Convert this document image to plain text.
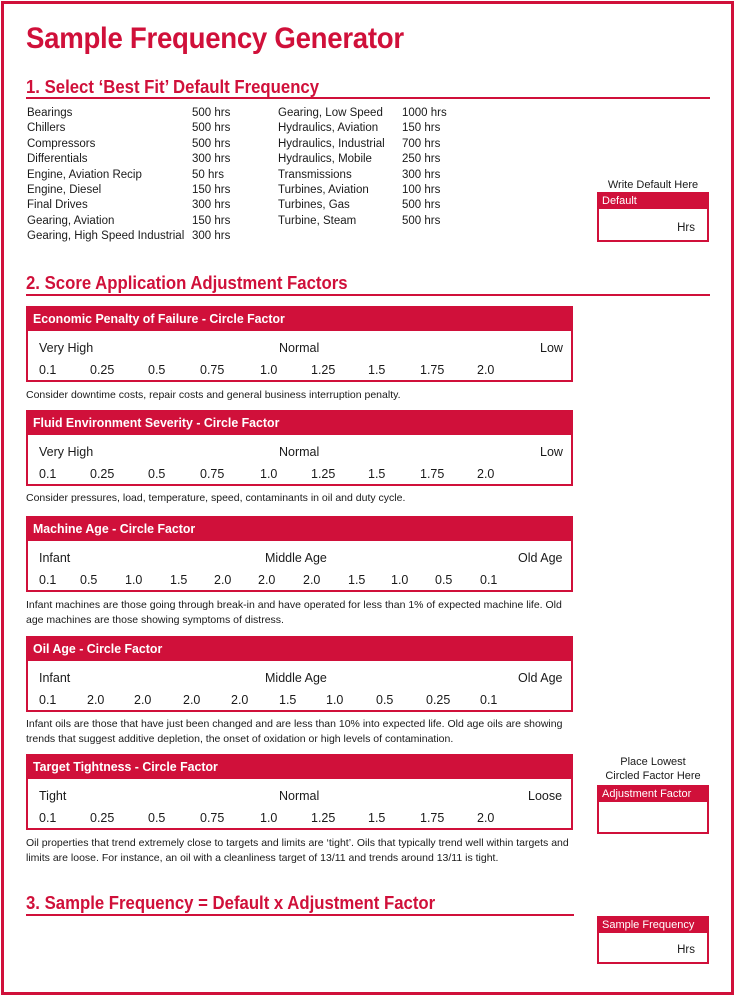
Sample Frequency Generator
1. Select ‘Best Fit’ Default Frequency
Bearings	500 hrs
Chillers	500 hrs
Compressors	500 hrs
Differentials	300 hrs
Engine, Aviation Recip	50 hrs
Engine, Diesel	150 hrs
Final Drives	300 hrs
Gearing, Aviation	150 hrs
Gearing, High Speed Industrial 300 hrs
Gearing, Low Speed	1000 hrs
Hydraulics, Aviation	150 hrs
Hydraulics, Industrial	700 hrs
Hydraulics, Mobile	250 hrs
Transmissions	300 hrs
Turbines, Aviation	100 hrs
Turbines, Gas	500 hrs
Turbine, Steam	500 hrs
Write Default Here
Default
Hrs
2. Score Application Adjustment Factors
Economic Penalty of Failure - Circle Factor
Very High	Normal	Low
0.1	0.25	0.5	0.75	1.0	1.25	1.5	1.75	2.0
Consider downtime costs, repair costs and general business interruption penalty.
Fluid Environment Severity - Circle Factor
Very High	Normal	Low
0.1	0.25	0.5	0.75	1.0	1.25	1.5	1.75	2.0
Consider pressures, load, temperature, speed, contaminants in oil and duty cycle.
Machine Age - Circle Factor
Infant	Middle Age	Old Age
0.1 0.5 1.0 1.5 2.0 2.0 2.0 1.5 1.0 0.5 0.1
Infant machines are those going through break-in and have operated for less than 1% of expected machine life. Old age machines are those showing symptoms of distress.
Oil Age - Circle Factor
Infant	Middle Age	Old Age
0.1 2.0 2.0	2.0 2.0 1.5 1.0	0.5	0.25 0.1
Infant oils are those that have just been changed and are less than 10% into expected life. Old age oils are showing trends that suggest additive depletion, the onset of oxidation or high levels of contamination.
Target Tightness - Circle Factor
Tight	Normal	Loose
0.1	0.25	0.5	0.75	1.0	1.25	1.5	1.75	2.0
Oil properties that trend extremely close to targets and limits are ‘tight’. Oils that typically trend well within targets and limits are loose. For instance, an oil with a cleanliness target of 13/11 and trends around 13/11 is tight.
Place Lowest
Circled Factor Here
Adjustment Factor
3. Sample Frequency = Default x Adjustment Factor
Sample Frequency
Hrs
